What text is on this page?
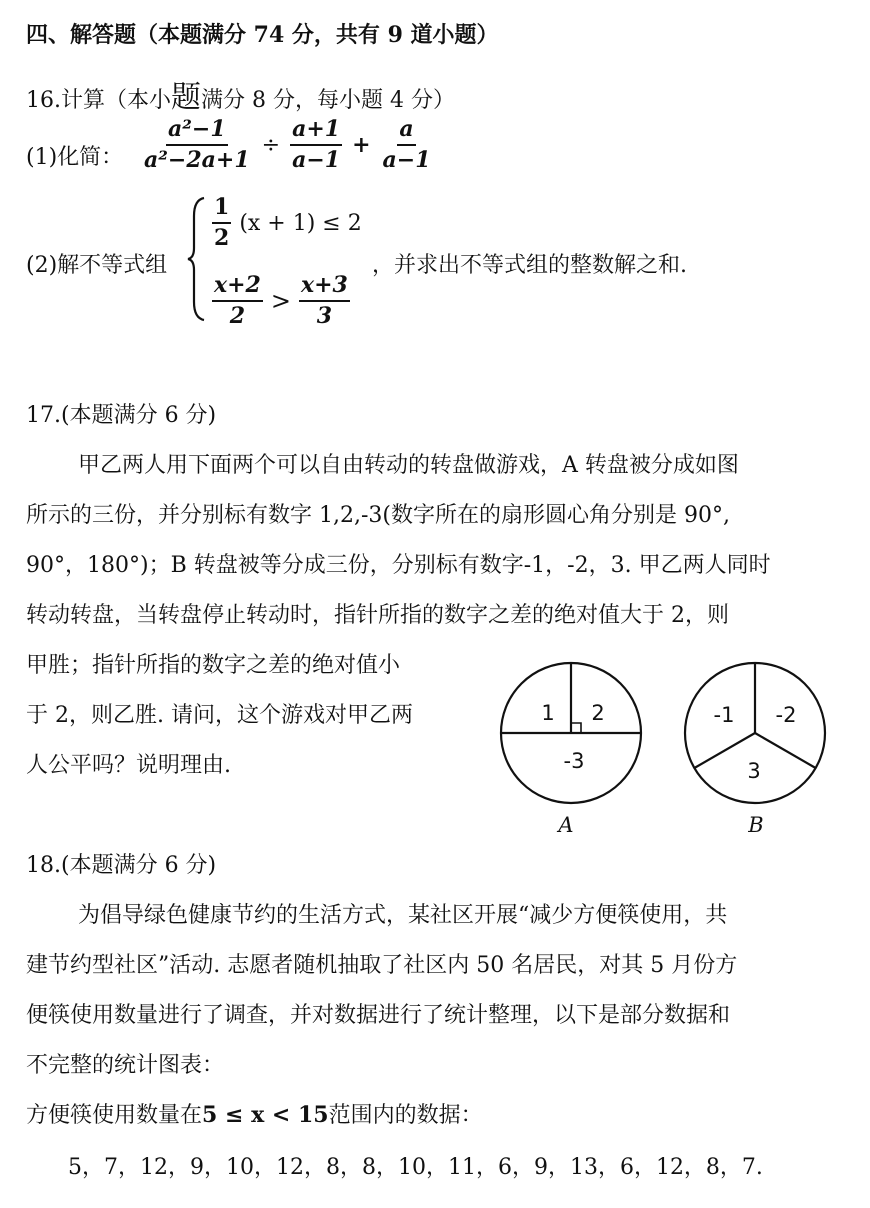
四、解答题（本题满分 74 分，共有 9 道小题）
16.计算（本小题满分 8 分，每小题 4 分）
(1)化简： $\frac{\text{a²−1}}{\text{a²−2a+1}} \div \frac{a+1}{a-1} + \frac{a}{a-1}$
(2)解不等式组
$\frac{1}{2} (x + 1) \le 2$
$\frac{x+2}{2} > \frac{x+3}{3}$
，并求出不等式组的整数解之和.
17.(本题满分 6 分)
甲乙两人用下面两个可以自由转动的转盘做游戏，A 转盘被分成如图
所示的三份，并分别标有数字 1,2,-3(数字所在的扇形圆心角分别是 90°,
90°，180°)；B 转盘被等分成三份，分别标有数字-1，-2，3. 甲乙两人同时
转动转盘，当转盘停止转动时，指针所指的数字之差的绝对值大于 2，则
甲胜；指针所指的数字之差的绝对值小
于 2，则乙胜. 请问，这个游戏对甲乙两
人公平吗？说明理由.
1 2
-3
A
-1 -2
3
B
18.(本题满分 6 分)
为倡导绿色健康节约的生活方式，某社区开展“减少方便筷使用，共
建节约型社区”活动. 志愿者随机抽取了社区内 50 名居民，对其 5 月份方
便筷使用数量进行了调查，并对数据进行了统计整理，以下是部分数据和
不完整的统计图表：
方便筷使用数量在5 ≤ x < 15范围内的数据：
5，7，12，9，10，12，8，8，10，11，6，9，13，6，12，8，7.
